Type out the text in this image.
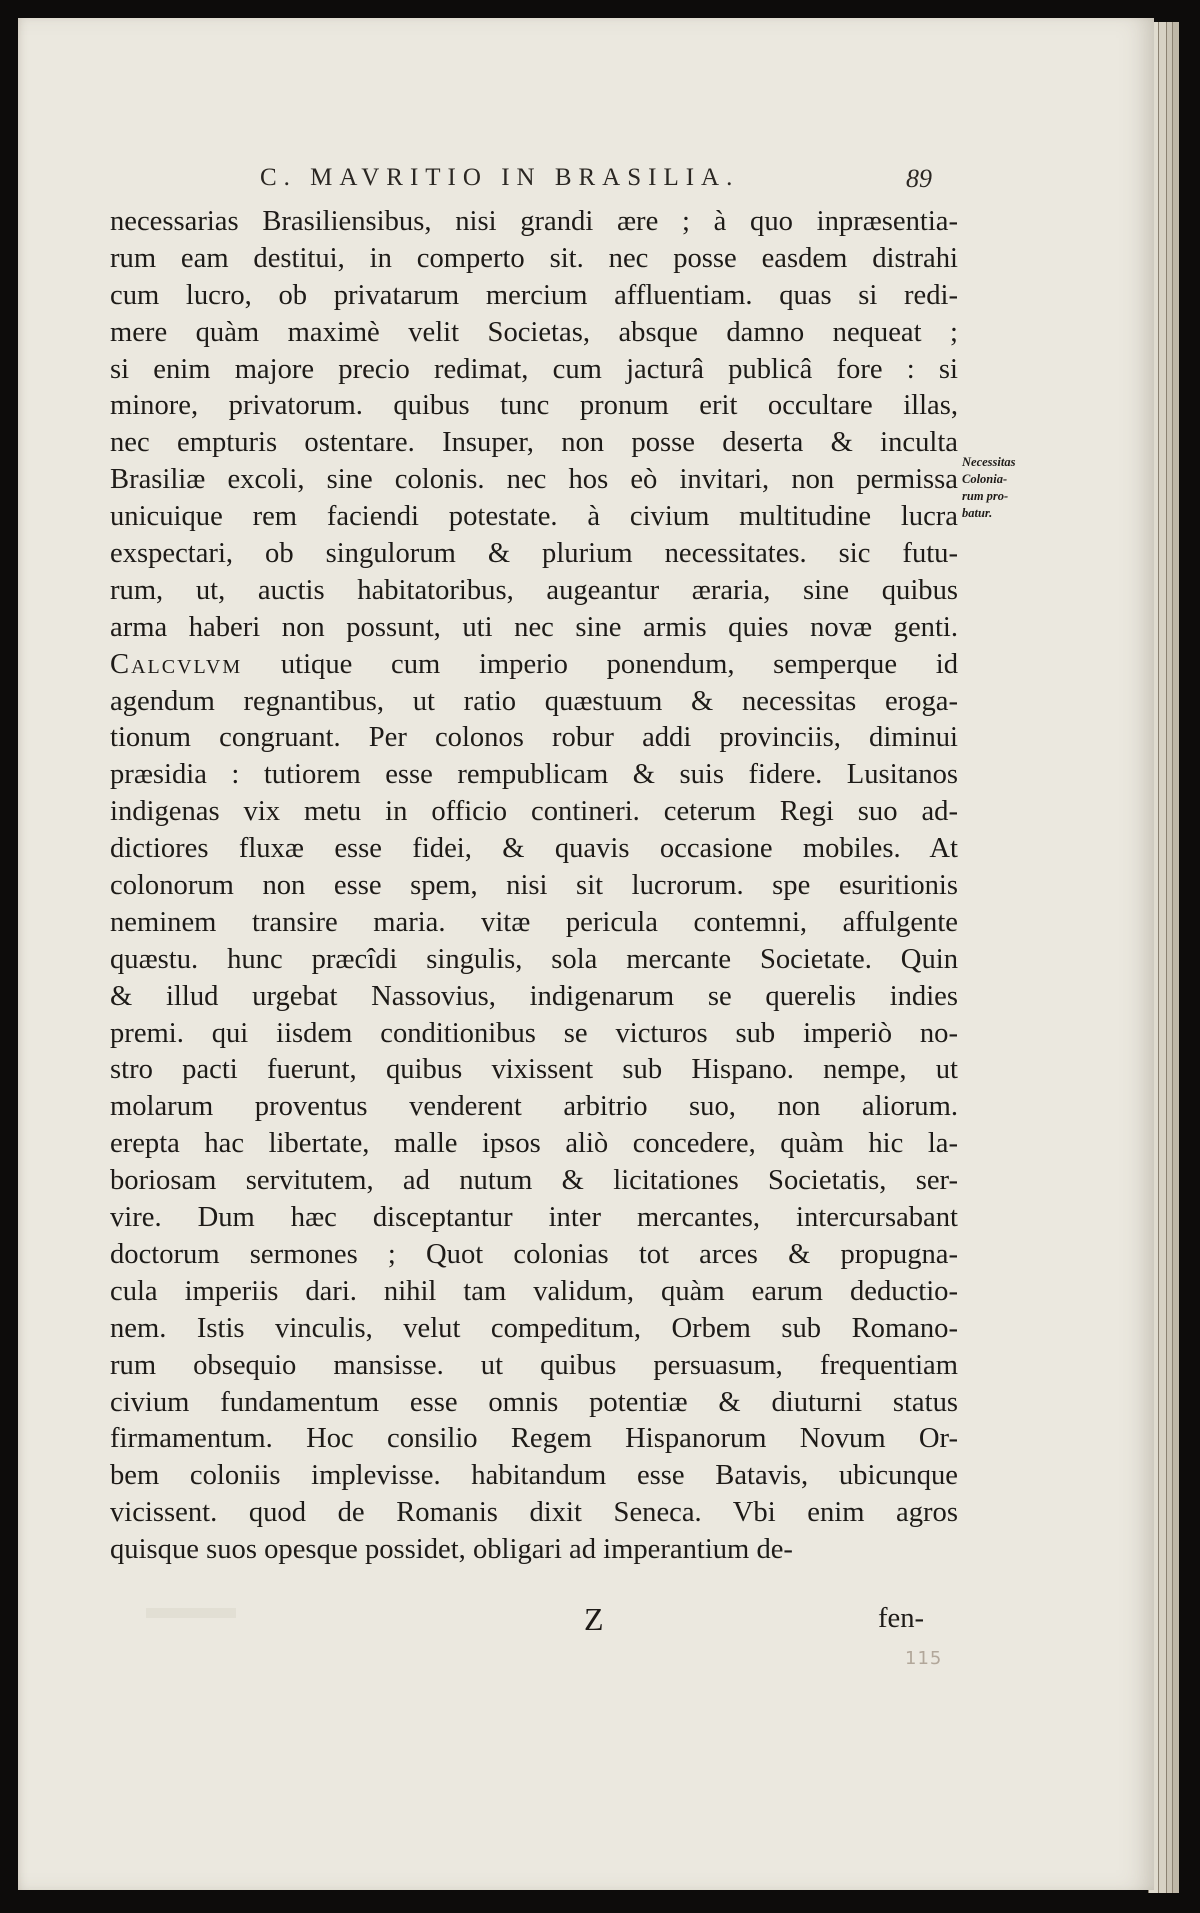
C. MAVRITIO IN BRASILIA.	89
necessarias Brasiliensibus, nisi grandi ære ; à quo inpræsentia-
rum eam destitui, in comperto sit. nec posse easdem distrahi
cum lucro, ob privatarum mercium affluentiam. quas si redi-
mere quàm maximè velit Societas, absque damno nequeat ;
si enim majore precio redimat, cum jacturâ publicâ fore : si
minore, privatorum. quibus tunc pronum erit occultare illas,
nec empturis ostentare. Insuper, non posse deserta & inculta
Brasiliæ excoli, sine colonis. nec hos eò invitari, non permissa
unicuique rem faciendi potestate. à civium multitudine lucra
exspectari, ob singulorum & plurium necessitates. sic futu-
rum, ut, auctis habitatoribus, augeantur æraria, sine quibus
arma haberi non possunt, uti nec sine armis quies novæ genti.
Calcvlvm utique cum imperio ponendum, semperque id
agendum regnantibus, ut ratio quæstuum & necessitas eroga-
tionum congruant. Per colonos robur addi provinciis, diminui
præsidia : tutiorem esse rempublicam & suis fidere. Lusitanos
indigenas vix metu in officio contineri. ceterum Regi suo ad-
dictiores fluxæ esse fidei, & quavis occasione mobiles. At
colonorum non esse spem, nisi sit lucrorum. spe esuritionis
neminem transire maria. vitæ pericula contemni, affulgente
quæstu. hunc præcîdi singulis, sola mercante Societate. Quin
& illud urgebat Nassovius, indigenarum se querelis indies
premi. qui iisdem conditionibus se victuros sub imperiò no-
stro pacti fuerunt, quibus vixissent sub Hispano. nempe, ut
molarum proventus venderent arbitrio suo, non aliorum.
erepta hac libertate, malle ipsos aliò concedere, quàm hic la-
boriosam servitutem, ad nutum & licitationes Societatis, ser-
vire. Dum hæc disceptantur inter mercantes, intercursabant
doctorum sermones ; Quot colonias tot arces & propugna-
cula imperiis dari. nihil tam validum, quàm earum deductio-
nem. Istis vinculis, velut compeditum, Orbem sub Romano-
rum obsequio mansisse. ut quibus persuasum, frequentiam
civium fundamentum esse omnis potentiæ & diuturni status
firmamentum. Hoc consilio Regem Hispanorum Novum Or-
bem coloniis implevisse. habitandum esse Batavis, ubicunque
vicissent. quod de Romanis dixit Seneca. Vbi enim agros
quisque suos opesque possidet, obligari ad imperantium de-
Necessitas
Colonia-
rum pro-
batur.
Z	fen-
115
